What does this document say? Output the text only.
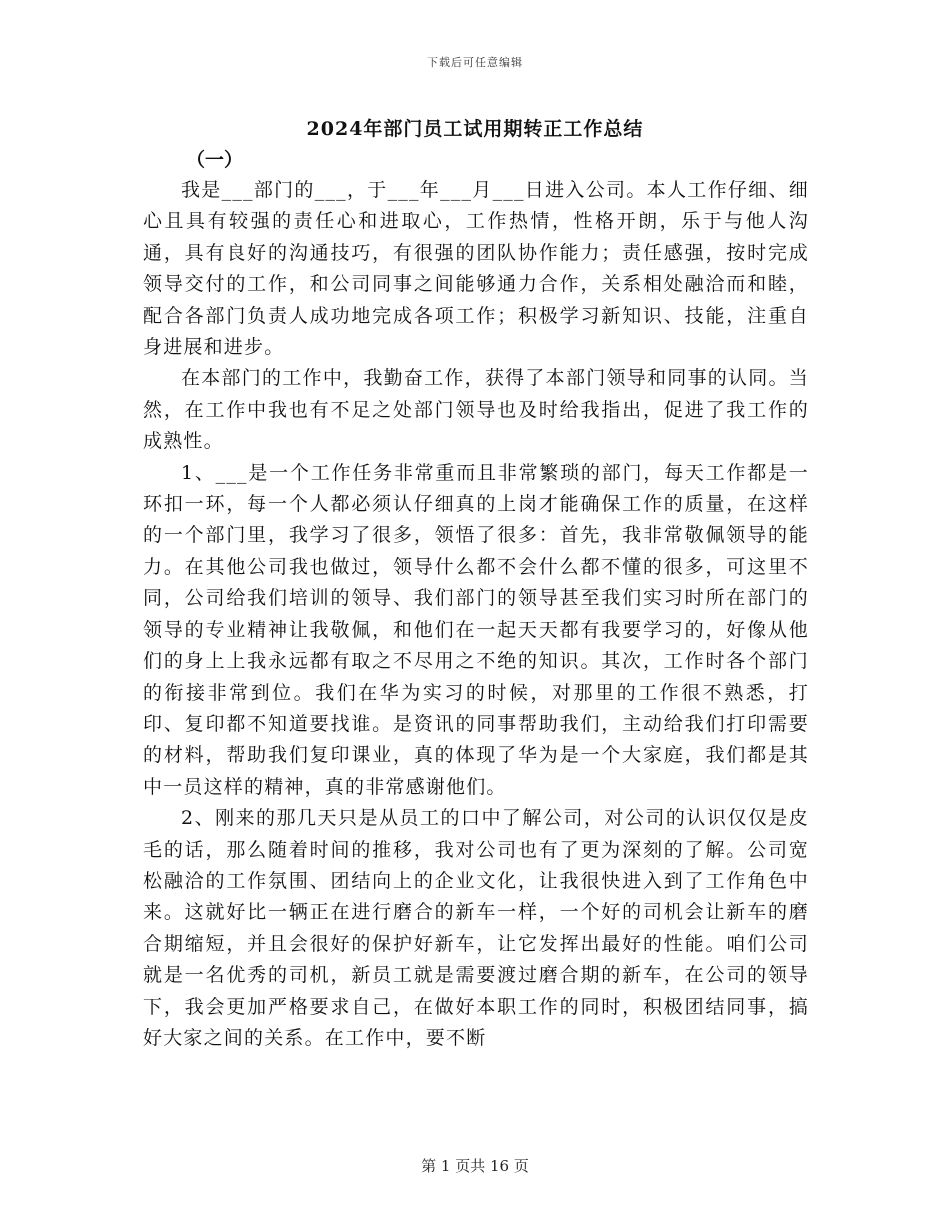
下载后可任意编辑
2024年部门员工试用期转正工作总结
（一）

我是___部门的___，于___年___月___日进入公司。本人工作仔细、细心且具有较强的责任心和进取心，工作热情，性格开朗，乐于与他人沟通，具有良好的沟通技巧，有很强的团队协作能力；责任感强，按时完成领导交付的工作，和公司同事之间能够通力合作，关系相处融洽而和睦，配合各部门负责人成功地完成各项工作；积极学习新知识、技能，注重自身进展和进步。

在本部门的工作中，我勤奋工作，获得了本部门领导和同事的认同。当然，在工作中我也有不足之处部门领导也及时给我指出，促进了我工作的成熟性。

1、___是一个工作任务非常重而且非常繁琐的部门，每天工作都是一环扣一环，每一个人都必须认仔细真的上岗才能确保工作的质量，在这样的一个部门里，我学习了很多，领悟了很多：首先，我非常敬佩领导的能力。在其他公司我也做过，领导什么都不会什么都不懂的很多，可这里不同，公司给我们培训的领导、我们部门的领导甚至我们实习时所在部门的领导的专业精神让我敬佩，和他们在一起天天都有我要学习的，好像从他们的身上上我永远都有取之不尽用之不绝的知识。其次，工作时各个部门的衔接非常到位。我们在华为实习的时候，对那里的工作很不熟悉，打印、复印都不知道要找谁。是资讯的同事帮助我们，主动给我们打印需要的材料，帮助我们复印课业，真的体现了华为是一个大家庭，我们都是其中一员这样的精神，真的非常感谢他们。

2、刚来的那几天只是从员工的口中了解公司，对公司的认识仅仅是皮毛的话，那么随着时间的推移，我对公司也有了更为深刻的了解。公司宽松融洽的工作氛围、团结向上的企业文化，让我很快进入到了工作角色中来。这就好比一辆正在进行磨合的新车一样，一个好的司机会让新车的磨合期缩短，并且会很好的保护好新车，让它发挥出最好的性能。咱们公司就是一名优秀的司机，新员工就是需要渡过磨合期的新车，在公司的领导下，我会更加严格要求自己，在做好本职工作的同时，积极团结同事，搞好大家之间的关系。在工作中，要不断

第 1 页共 16 页
